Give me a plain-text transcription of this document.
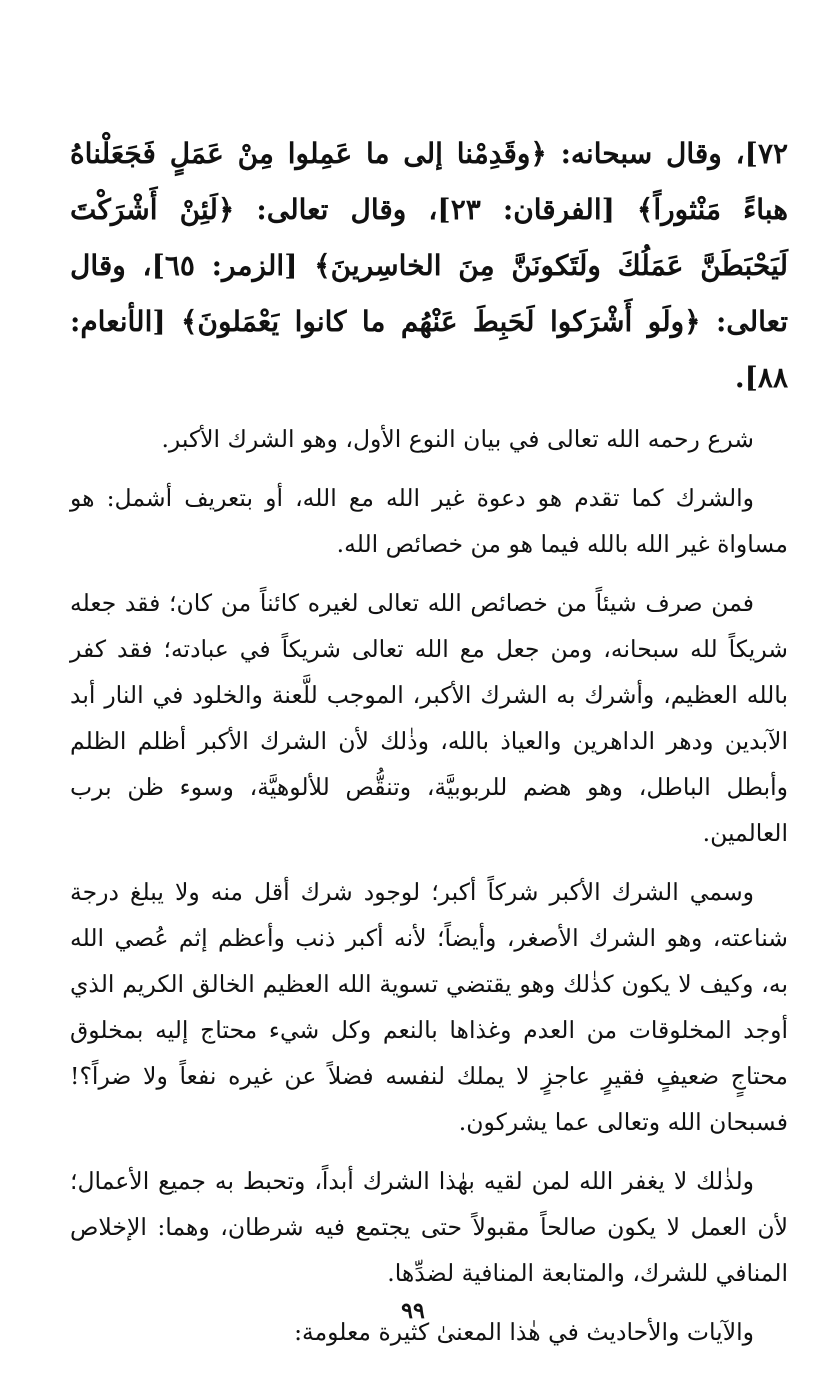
٧٢]، وقال سبحانه: ﴿وقَدِمْنا إلى ما عَمِلوا مِنْ عَمَلٍ فَجَعَلْناهُ هباءً مَنْثوراً﴾ [الفرقان: ٢٣]، وقال تعالى: ﴿لَئِنْ أَشْرَكْتَ لَيَحْبَطَنَّ عَمَلُكَ ولَتَكونَنَّ مِنَ الخاسِرينَ﴾ [الزمر: ٦٥]، وقال تعالى: ﴿ولَو أَشْرَكوا لَحَبِطَ عَنْهُم ما كانوا يَعْمَلونَ﴾ [الأنعام: ٨٨].

شرع رحمه الله تعالى في بيان النوع الأول، وهو الشرك الأكبر.

والشرك كما تقدم هو دعوة غير الله مع الله، أو بتعريف أشمل: هو مساواة غير الله بالله فيما هو من خصائص الله.

فمن صرف شيئاً من خصائص الله تعالى لغيره كائناً من كان؛ فقد جعله شريكاً لله سبحانه، ومن جعل مع الله تعالى شريكاً في عبادته؛ فقد كفر بالله العظيم، وأشرك به الشرك الأكبر، الموجب للَّعنة والخلود في النار أبد الآبدين ودهر الداهرين والعياذ بالله، وذٰلك لأن الشرك الأكبر أظلم الظلم وأبطل الباطل، وهو هضم للربوبيَّة، وتنقُّص للألوهيَّة، وسوء ظن برب العالمين.

وسمي الشرك الأكبر شركاً أكبر؛ لوجود شرك أقل منه ولا يبلغ درجة شناعته، وهو الشرك الأصغر، وأيضاً؛ لأنه أكبر ذنب وأعظم إثم عُصي الله به، وكيف لا يكون كذٰلك وهو يقتضي تسوية الله العظيم الخالق الكريم الذي أوجد المخلوقات من العدم وغذاها بالنعم وكل شيء محتاج إليه بمخلوق محتاجٍ ضعيفٍ فقيرٍ عاجزٍ لا يملك لنفسه فضلاً عن غيره نفعاً ولا ضراً؟! فسبحان الله وتعالى عما يشركون.

ولذٰلك لا يغفر الله لمن لقيه بهٰذا الشرك أبداً، وتحبط به جميع الأعمال؛ لأن العمل لا يكون صالحاً مقبولاً حتى يجتمع فيه شرطان، وهما: الإخلاص المنافي للشرك، والمتابعة المنافية لضدِّها.

والآيات والأحاديث في هٰذا المعنىٰ كثيرة معلومة:

٩٩
